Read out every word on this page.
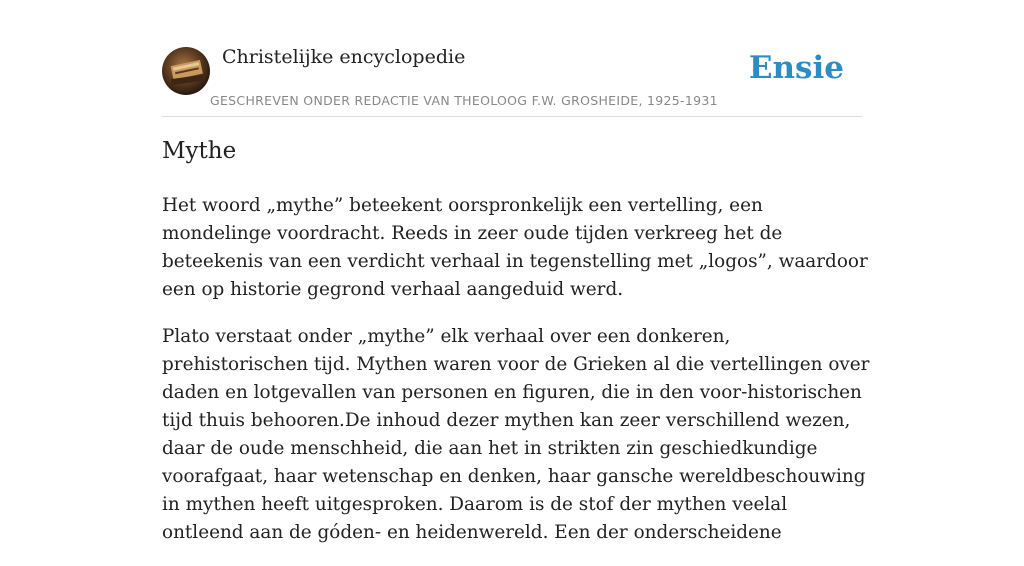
Christelijke encyclopedie
GESCHREVEN ONDER REDACTIE VAN THEOLOOG F.W. GROSHEIDE, 1925-1931
Ensie
Mythe

Het woord „mythe” beteekent oorspronkelijk een vertelling, een mondelinge voordracht. Reeds in zeer oude tijden verkreeg het de beteekenis van een verdicht verhaal in tegenstelling met „logos”, waardoor een op historie gegrond verhaal aangeduid werd.

Plato verstaat onder „mythe” elk verhaal over een donkeren, prehistorischen tijd. Mythen waren voor de Grieken al die vertellingen over daden en lotgevallen van personen en figuren, die in den voor-historischen tijd thuis behooren.De inhoud dezer mythen kan zeer verschillend wezen, daar de oude menschheid, die aan het in strikten zin geschiedkundige voorafgaat, haar wetenschap en denken, haar gansche wereldbeschouwing in mythen heeft uitgesproken. Daarom is de stof der mythen veelal ontleend aan de góden- en heidenwereld. Een der onderscheidene
